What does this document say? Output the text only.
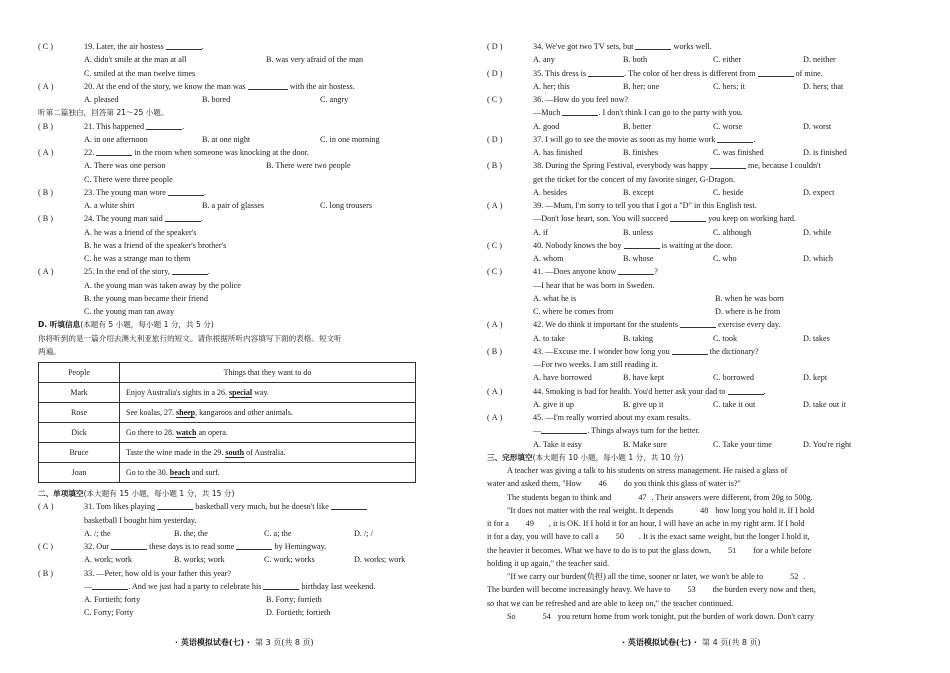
( C )	19. Later, the air hostess	.
A. didn't smile at the man at all	B. was very afraid of the man
C. smiled at the man twelve times
( A )	20. At the end of the story, we know the man was	with the air hostess.
A. pleased	B. bored	C. angry
听第二篇独白，回答第 21～25 小题。
( B )	21. This happened	.
A. in one afternoon	B. at one night	C. in one morning
( A )	22.	in the room when someone was knocking at the door.
A. There was one person	B. There were two people
C. There were three people
( B )	23. The young man wore	.
A. a white shirt	B. a pair of glasses	C. long trousers
( B )	24. The young man said	.
A. he was a friend of the speaker's
B. he was a friend of the speaker's brother's
C. he was a strange man to them
( A )	25. In the end of the story,	.
A. the young man was taken away by the police
B. the young man became their friend
C. the young man ran away
D. 听填信息(本题有 5 小题，每小题 1 分，共 5 分)
你将听到的是一篇介绍去澳大利亚旅行的短文。请你根据所听内容填写下面的表格。短文听
两遍。
People	Things that they want to do
Mark	Enjoy Australia's sights in a 26. special way.
Rose	See koalas, 27. sheep, kangaroos and other animals.
Dick	Go there to 28. watch an opera.
Bruce	Taste the wine made in the 29. south of Australia.
Joan	Go to the 30. beach and surf.
二、单项填空(本大题有 15 小题，每小题 1 分，共 15 分)
( A )	31. Tom likes playing	basketball very much, but he doesn't like
basketball I bought him yesterday.
A. /; the	B. the; the	C. a; the	D. /; /
( C )	32. Our	these days is to read some	by Hemingway.
A. work; work	B. works; work	C. work; works	D. works; work
( B )	33. —Peter, how old is your father this year?
—	. And we just had a party to celebrate his	birthday last weekend.
A. Fortieth; forty	B. Forty; fortieth
C. Forty; Forty	D. Fortieth; fortieth
· 英语模拟试卷(七) · 第 3 页(共 8 页)
( D )	34. We've got two TV sets, but	works well.
A. any	B. both	C. either	D. neither
( D )	35. This dress is	. The color of her dress is different from	of mine.
A. her; this	B. her; one	C. hers; it	D. hers; that
( C )	36. —How do you feel now?
—Much	. I don't think I can go to the party with you.
A. good	B. better	C. worse	D. worst
( D )	37. I will go to see the movie as soon as my home work	.
A. has finished	B. finishes	C. was finished	D. is finished
( B )	38. During the Spring Festival, everybody was happy	me, because I couldn't
get the ticket for the concert of my favorite singer, G-Dragon.
A. besides	B. except	C. beside	D. expect
( A )	39. —Mum, I'm sorry to tell you that I got a "D" in this English test.
—Don't lose heart, son. You will succeed	you keep on working hard.
A. if	B. unless	C. although	D. while
( C )	40. Nobody knows the boy	is waiting at the door.
A. whom	B. whose	C. who	D. which
( C )	41. —Does anyone know	?
—I hear that he was born in Sweden.
A. what he is	B. when he was born
C. where he comes from	D. where is he from
( A )	42. We do think it important for the students	exercise every day.
A. to take	B. taking	C. took	D. takes
( B )	43. —Excuse me. I wonder how long you	the dictionary?
—For two weeks. I am still reading it.
A. have borrowed	B. have kept	C. borrowed	D. kept
( A )	44. Smoking is bad for health. You'd better ask your dad to	.
A. give it up	B. give up it	C. take it out	D. take out it
( A )	45. —I'm really worried about my exam results.
—	. Things always turn for the better.
A. Take it easy	B. Make sure	C. Take your time	D. You're right
三、完形填空(本大题有 10 小题，每小题 1 分，共 10 分)
A teacher was giving a talk to his students on stress management. He raised a glass of
water and asked them, "How 46 do you think this glass of water is?"
The students began to think and	47 . Their answers were different, from 20g to 500g.
"It does not matter with the real weight. It depends	48 how long you hold it. If I hold
it for a 49 , it is OK. If I hold it for an hour, I will have an ache in my right arm. If I hold
it for a day, you will have to call a 50 . It is the exact same weight, but the longer I hold it,
the heavier it becomes. What we have to do is to put the glass down, 51 for a while before
holding it up again," the teacher said.
"If we carry our burden(负担) all the time, sooner or later, we won't be able to	52 .
The burden will become increasingly heavy. We have to 53 the burden every now and then,
so that we can be refreshed and are able to keep on," the teacher continued.
So	54 you return home from work tonight, put the burden of work down. Don't carry
· 英语模拟试卷(七) · 第 4 页(共 8 页)
